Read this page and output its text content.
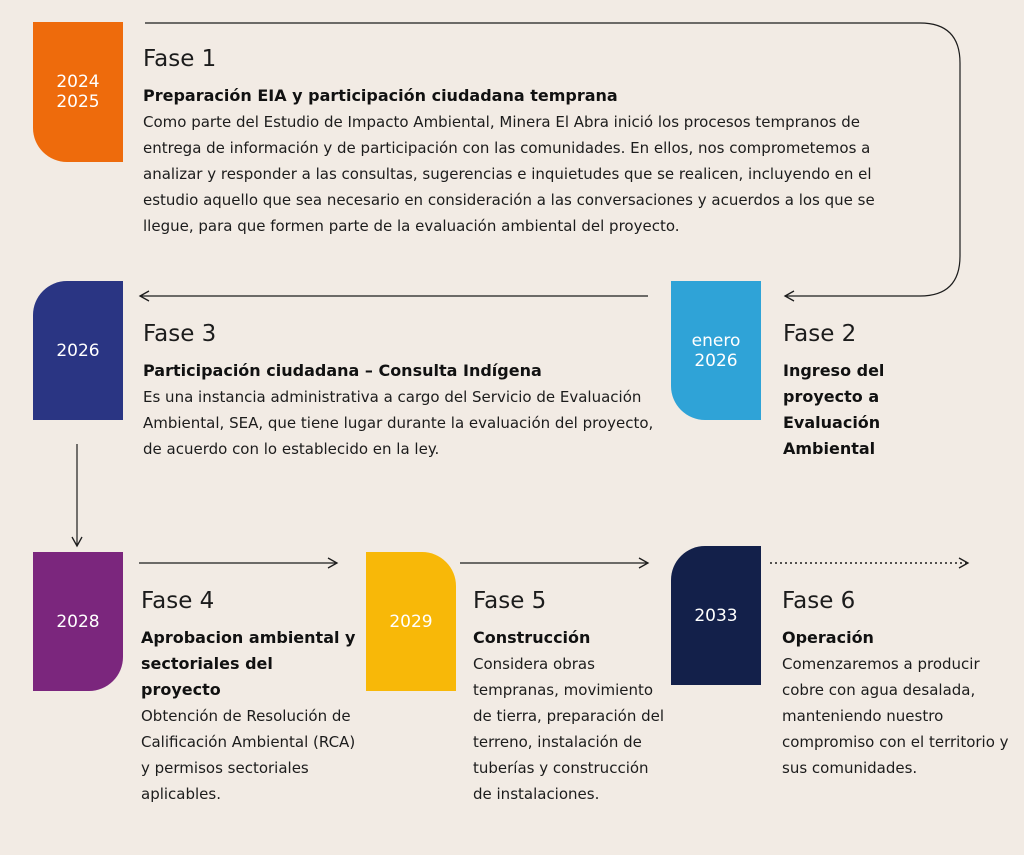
2024
2025
Fase 1
Preparación EIA y participación ciudadana temprana
Como parte del Estudio de Impacto Ambiental, Minera El Abra inició los procesos tempranos de entrega de información y de participación con las comunidades. En ellos, nos comprometemos a analizar y responder a las consultas, sugerencias e inquietudes que se realicen, incluyendo en el estudio aquello que sea necesario en consideración a las conversaciones y acuerdos a los que se llegue, para que formen parte de la evaluación ambiental del proyecto.
enero
2026
Fase 2
Ingreso del proyecto a Evaluación Ambiental
2026
Fase 3
Participación ciudadana – Consulta Indígena
Es una instancia administrativa a cargo del Servicio de Evaluación Ambiental, SEA, que tiene lugar durante la evaluación del proyecto, de acuerdo con lo establecido en la ley.
2028
Fase 4
Aprobacion ambiental y sectoriales del proyecto
Obtención de Resolución de Calificación Ambiental (RCA) y permisos sectoriales aplicables.
2029
Fase 5
Construcción
Considera obras tempranas, movimiento de tierra, preparación del terreno, instalación de tuberías y construcción de instalaciones.
2033
Fase 6
Operación
Comenzaremos a producir cobre con agua desalada, manteniendo nuestro compromiso con el territorio y sus comunidades.
